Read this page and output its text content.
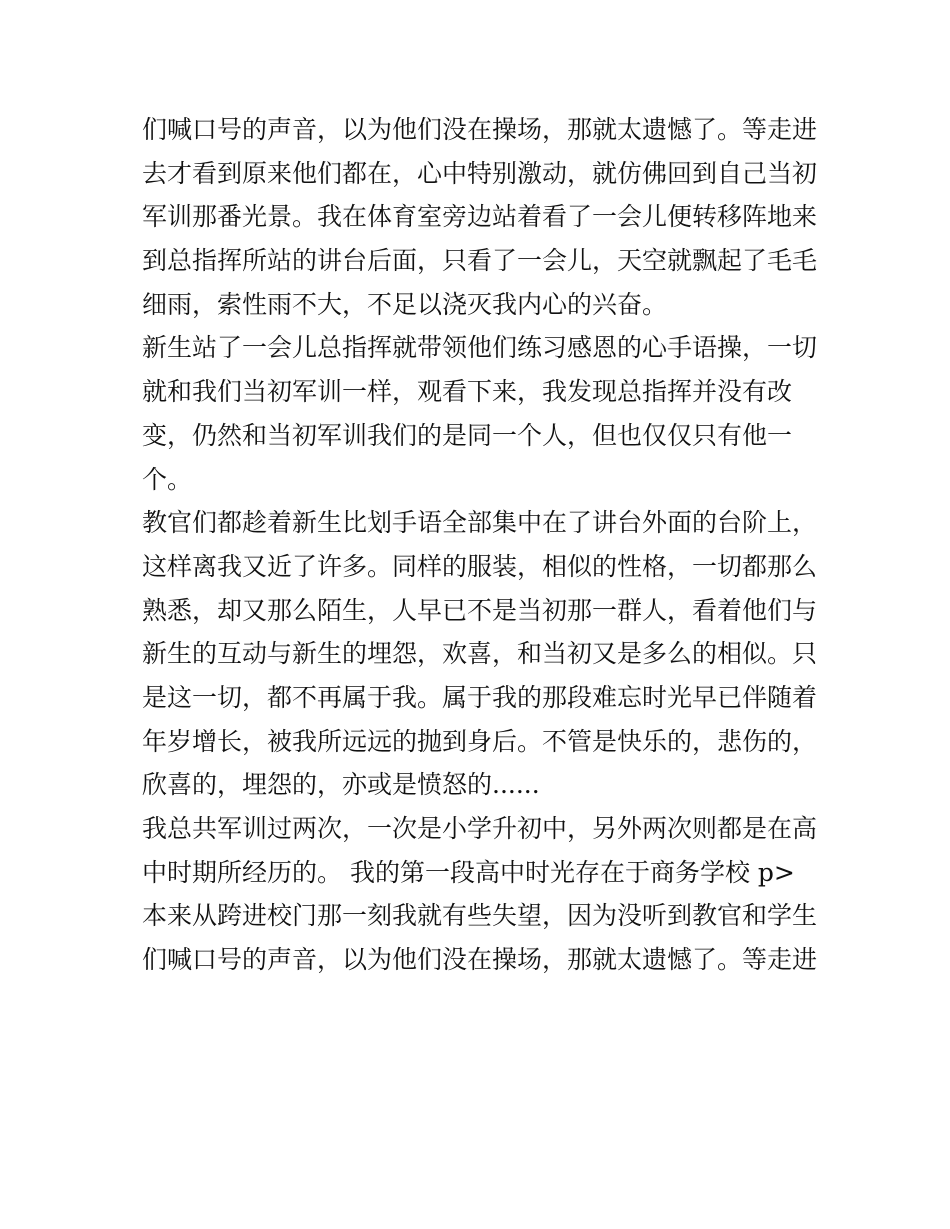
们喊口号的声音，以为他们没在操场，那就太遗憾了。等走进

去才看到原来他们都在，心中特别激动，就仿佛回到自己当初

军训那番光景。我在体育室旁边站着看了一会儿便转移阵地来

到总指挥所站的讲台后面，只看了一会儿，天空就飘起了毛毛

细雨，索性雨不大，不足以浇灭我内心的兴奋。

新生站了一会儿总指挥就带领他们练习感恩的心手语操，一切

就和我们当初军训一样，观看下来，我发现总指挥并没有改

变，仍然和当初军训我们的是同一个人，但也仅仅只有他一

个。

教官们都趁着新生比划手语全部集中在了讲台外面的台阶上，

这样离我又近了许多。同样的服装，相似的性格，一切都那么

熟悉，却又那么陌生，人早已不是当初那一群人，看着他们与

新生的互动与新生的埋怨，欢喜，和当初又是多么的相似。只

是这一切，都不再属于我。属于我的那段难忘时光早已伴随着

年岁增长，被我所远远的抛到身后。不管是快乐的，悲伤的，

欣喜的，埋怨的，亦或是愤怒的......

我总共军训过两次，一次是小学升初中，另外两次则都是在高

中时期所经历的。 我的第一段高中时光存在于商务学校 p>

本来从跨进校门那一刻我就有些失望，因为没听到教官和学生

们喊口号的声音，以为他们没在操场，那就太遗憾了。等走进
